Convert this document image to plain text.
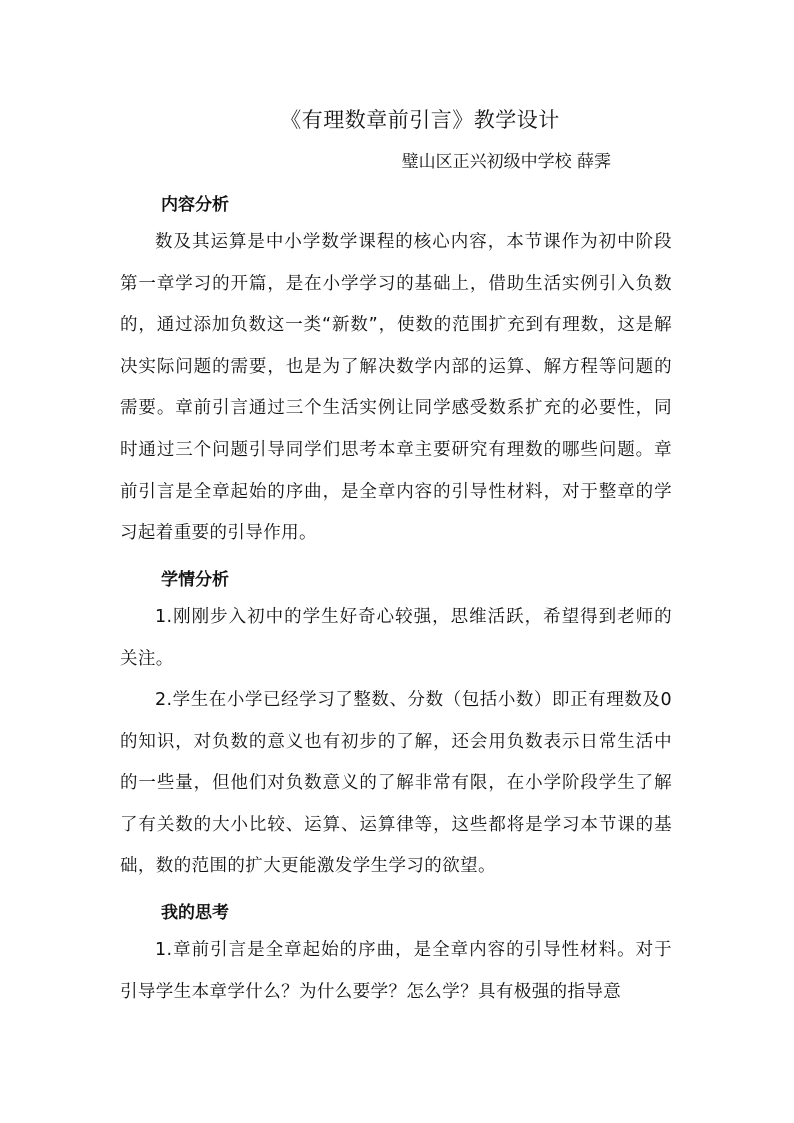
《有理数章前引言》教学设计
璧山区正兴初级中学校 薛霁
内容分析
数及其运算是中小学数学课程的核心内容，本节课作为初中阶段第一章学习的开篇，是在小学学习的基础上，借助生活实例引入负数的，通过添加负数这一类“新数”，使数的范围扩充到有理数，这是解决实际问题的需要，也是为了解决数学内部的运算、解方程等问题的需要。章前引言通过三个生活实例让同学感受数系扩充的必要性，同时通过三个问题引导同学们思考本章主要研究有理数的哪些问题。章前引言是全章起始的序曲，是全章内容的引导性材料，对于整章的学习起着重要的引导作用。
学情分析
1.刚刚步入初中的学生好奇心较强，思维活跃，希望得到老师的关注。
2.学生在小学已经学习了整数、分数（包括小数）即正有理数及0的知识，对负数的意义也有初步的了解，还会用负数表示日常生活中的一些量，但他们对负数意义的了解非常有限，在小学阶段学生了解了有关数的大小比较、运算、运算律等，这些都将是学习本节课的基础，数的范围的扩大更能激发学生学习的欲望。
我的思考
1.章前引言是全章起始的序曲，是全章内容的引导性材料。对于引导学生本章学什么？为什么要学？怎么学？具有极强的指导意
